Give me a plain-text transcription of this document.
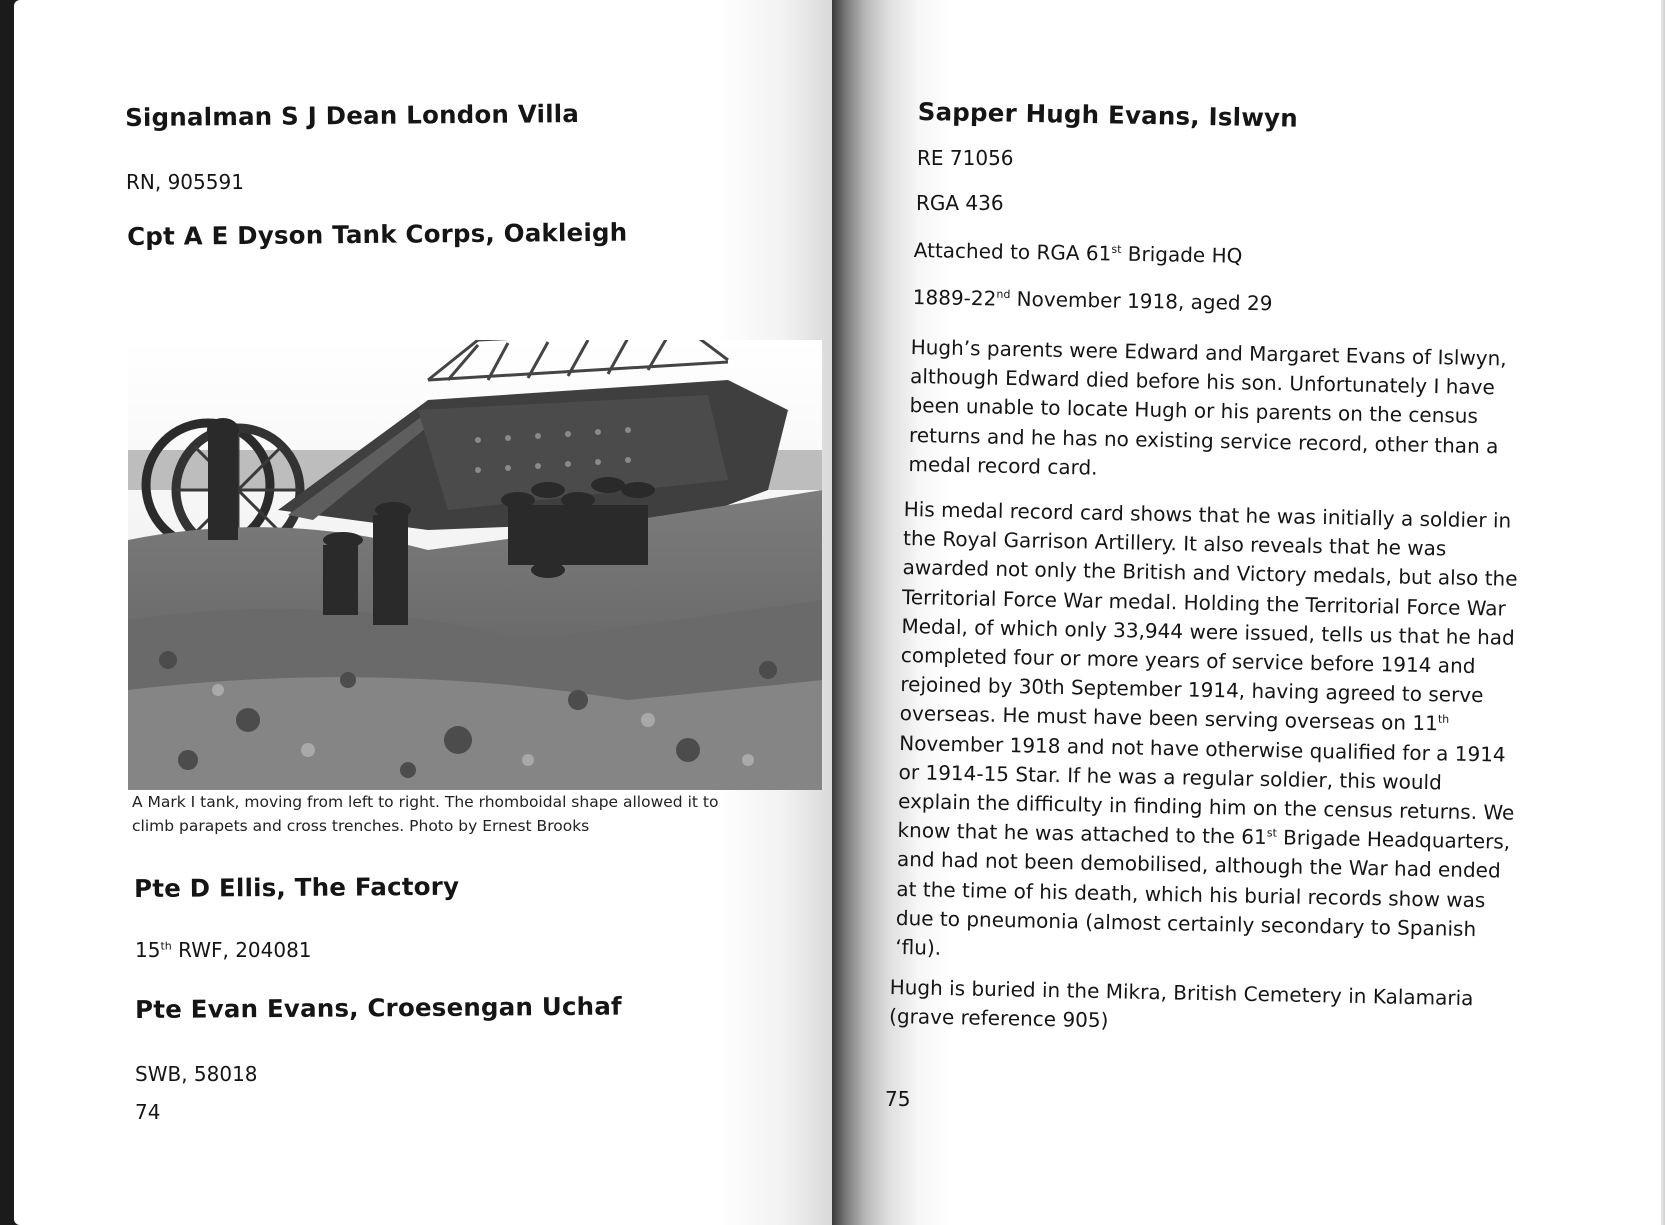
Signalman S J Dean London Villa

RN, 905591

Cpt A E Dyson Tank Corps, Oakleigh

A Mark I tank, moving from left to right. The rhomboidal shape allowed it to
climb parapets and cross trenches. Photo by Ernest Brooks

Pte D Ellis, The Factory

15th RWF, 204081

Pte Evan Evans, Croesengan Uchaf

SWB, 58018

74

Sapper Hugh Evans, Islwyn

RE 71056

RGA 436

Attached to RGA 61st Brigade HQ

1889-22nd November 1918, aged 29

Hugh’s parents were Edward and Margaret Evans of Islwyn,
although Edward died before his son. Unfortunately I have
been unable to locate Hugh or his parents on the census
returns and he has no existing service record, other than a
medal record card.
His medal record card shows that he was initially a soldier in
the Royal Garrison Artillery. It also reveals that he was
awarded not only the British and Victory medals, but also the
Territorial Force War medal. Holding the Territorial Force War
Medal, of which only 33,944 were issued, tells us that he had
completed four or more years of service before 1914 and
rejoined by 30th September 1914, having agreed to serve
overseas. He must have been serving overseas on 11th
November 1918 and not have otherwise qualified for a 1914
or 1914-15 Star. If he was a regular soldier, this would
explain the difficulty in finding him on the census returns. We
know that he was attached to the 61st Brigade Headquarters,
and had not been demobilised, although the War had ended
at the time of his death, which his burial records show was
due to pneumonia (almost certainly secondary to Spanish
‘flu).
Hugh is buried in the Mikra, British Cemetery in Kalamaria
(grave reference 905)

75
